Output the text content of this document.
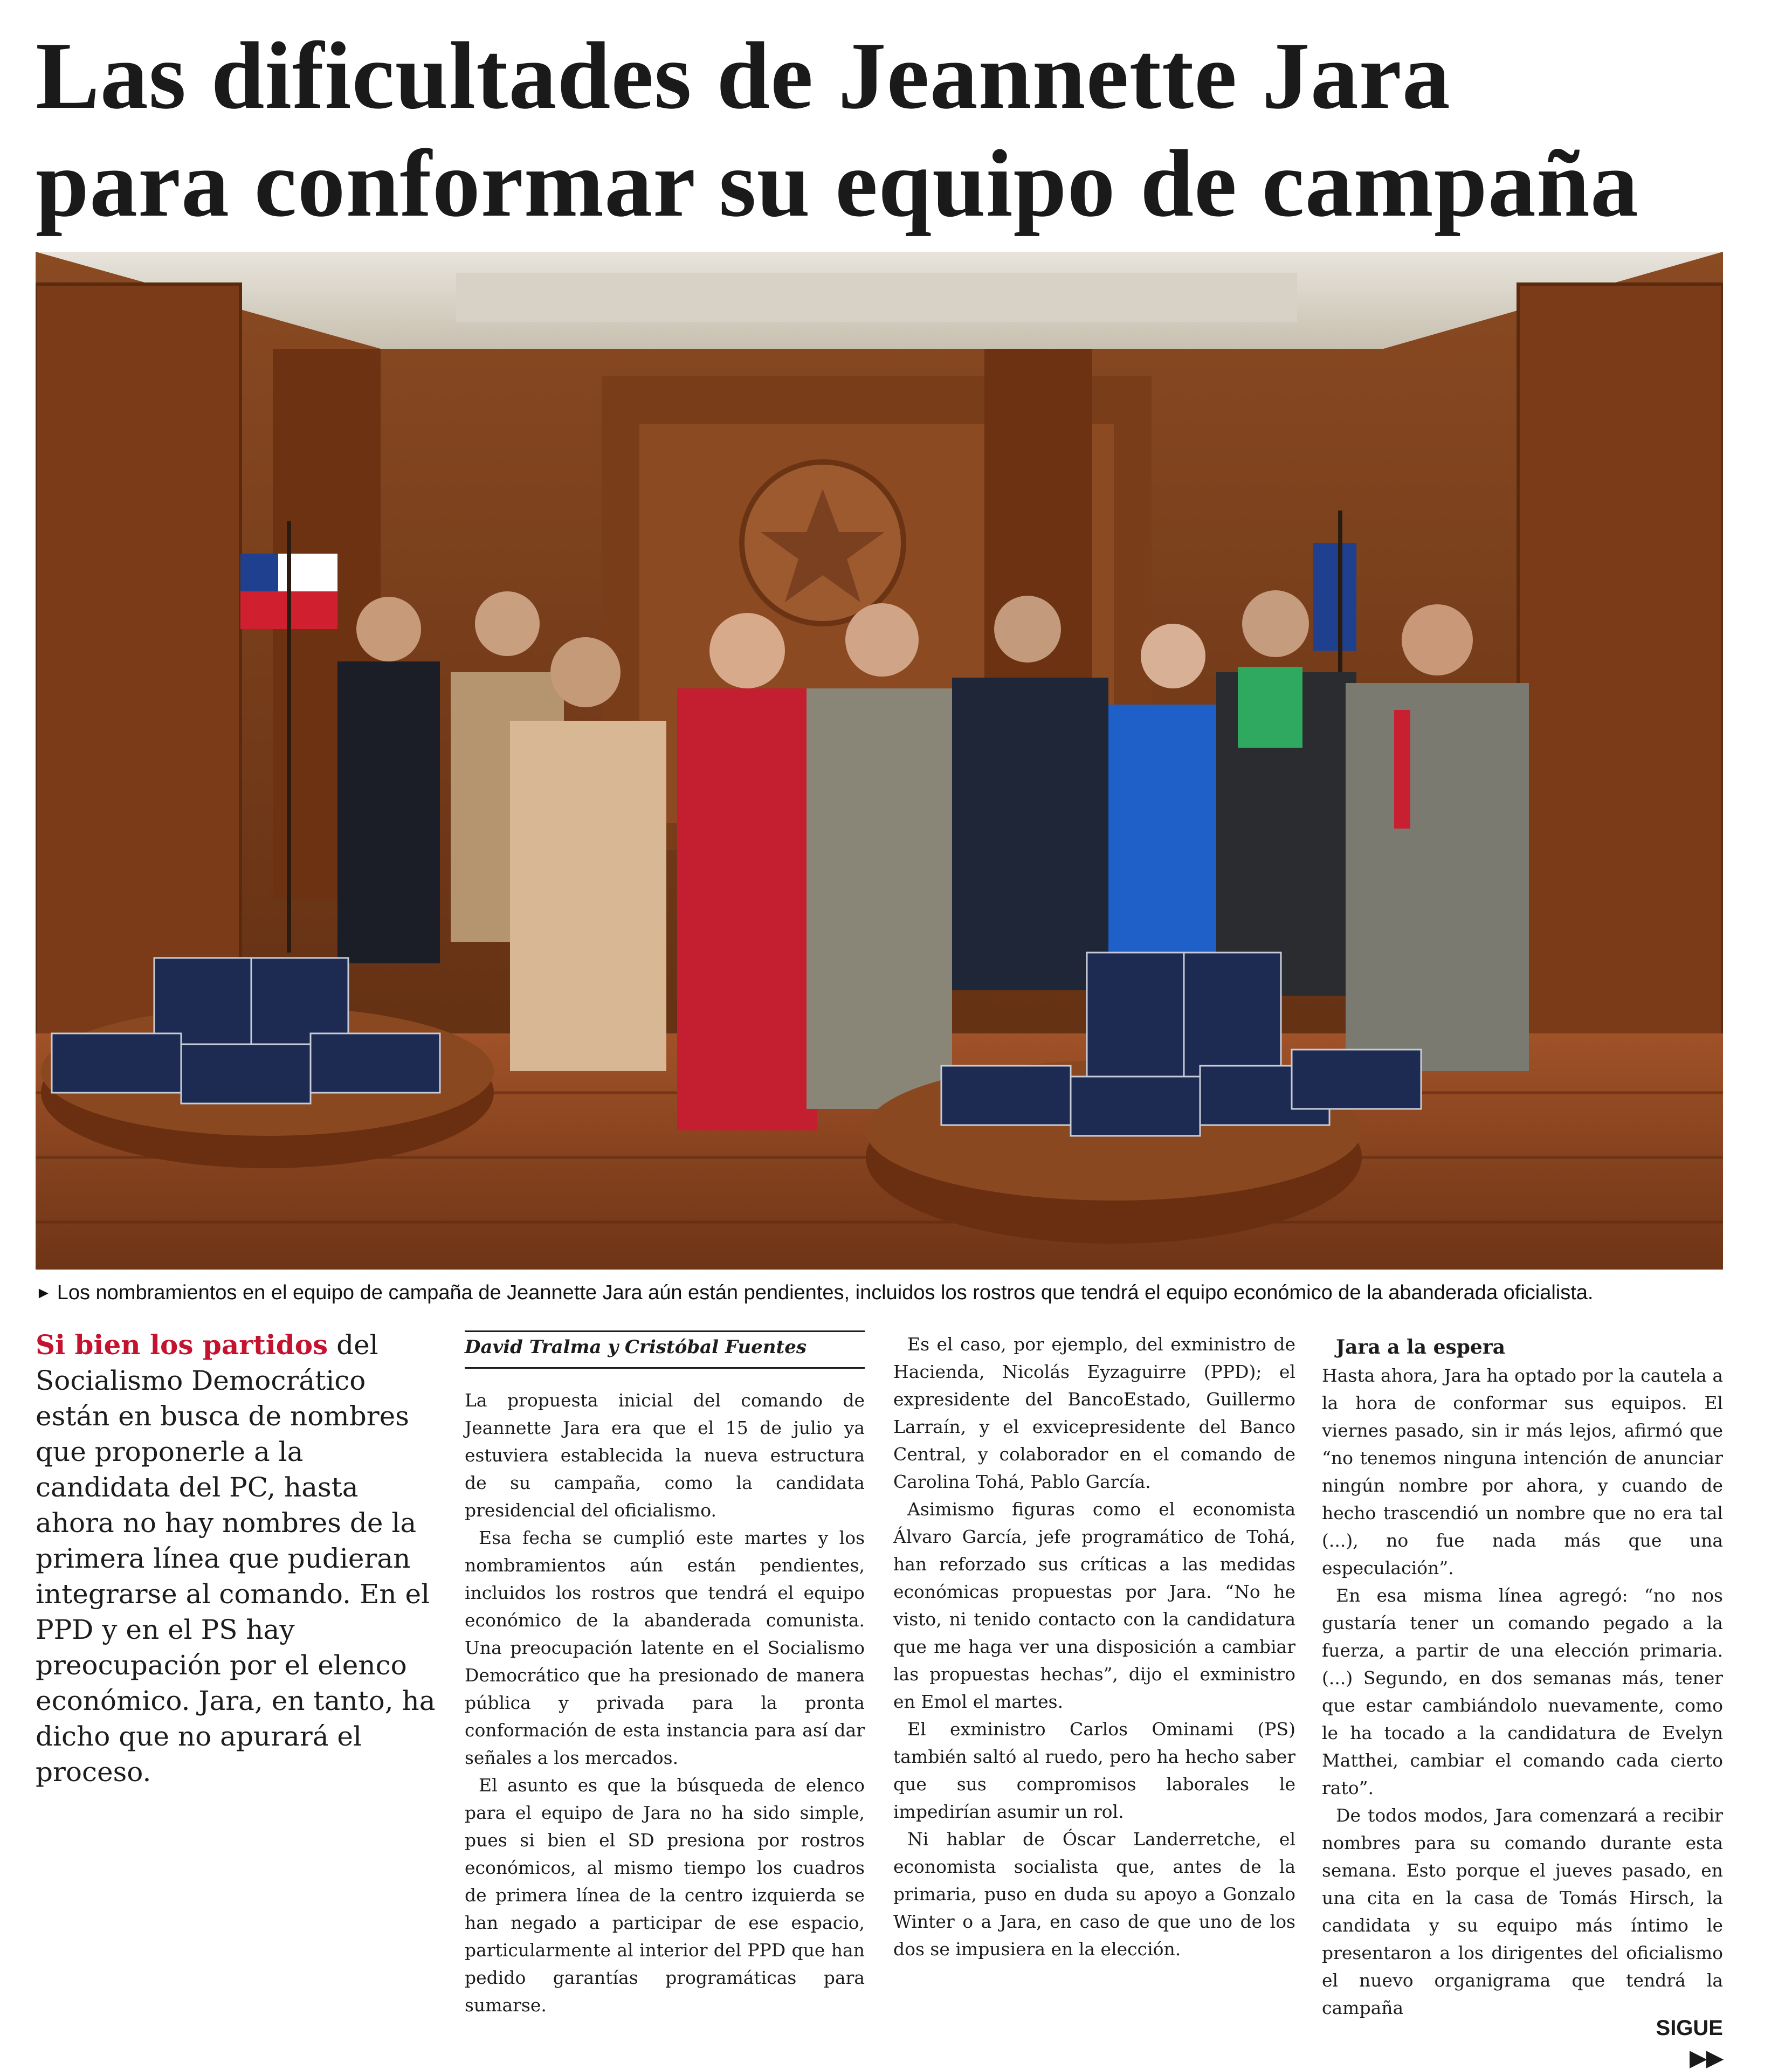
Las dificultades de Jeannette Jara
para conformar su equipo de campaña
► Los nombramientos en el equipo de campaña de Jeannette Jara aún están pendientes, incluidos los rostros que tendrá el equipo económico de la abanderada oficialista.
Si bien los partidos del Socialismo Democrático están en busca de nombres que proponerle a la candidata del PC, hasta ahora no hay nombres de la primera línea que pudieran integrarse al comando. En el PPD y en el PS hay preocupación por el elenco económico. Jara, en tanto, ha dicho que no apurará el proceso.
David Tralma y Cristóbal Fuentes

La propuesta inicial del comando de Jeannette Jara era que el 15 de julio ya estuviera establecida la nueva estructura de su campaña, como la candidata presidencial del oficialismo.

Esa fecha se cumplió este martes y los nombramientos aún están pendientes, incluidos los rostros que tendrá el equipo económico de la abanderada comunista. Una preocupación latente en el Socialismo Democrático que ha presionado de manera pública y privada para la pronta conformación de esta instancia para así dar señales a los mercados.

El asunto es que la búsqueda de elenco para el equipo de Jara no ha sido simple, pues si bien el SD presiona por rostros económicos, al mismo tiempo los cuadros de primera línea de la centro izquierda se han negado a participar de ese espacio, particularmente al interior del PPD que han pedido garantías programáticas para sumarse.

Es el caso, por ejemplo, del exministro de Hacienda, Nicolás Eyzaguirre (PPD); el expresidente del BancoEstado, Guillermo Larraín, y el exvicepresidente del Banco Central, y colaborador en el comando de Carolina Tohá, Pablo García.

Asimismo figuras como el economista Álvaro García, jefe programático de Tohá, han reforzado sus críticas a las medidas económicas propuestas por Jara. “No he visto, ni tenido contacto con la candidatura que me haga ver una disposición a cambiar las propuestas hechas”, dijo el exministro en Emol el martes.

El exministro Carlos Ominami (PS) también saltó al ruedo, pero ha hecho saber que sus compromisos laborales le impedirían asumir un rol.

Ni hablar de Óscar Landerretche, el economista socialista que, antes de la primaria, puso en duda su apoyo a Gonzalo Winter o a Jara, en caso de que uno de los dos se impusiera en la elección.

Jara a la espera

Hasta ahora, Jara ha optado por la cautela a la hora de conformar sus equipos. El viernes pasado, sin ir más lejos, afirmó que “no tenemos ninguna intención de anunciar ningún nombre por ahora, y cuando de hecho trascendió un nombre que no era tal (...), no fue nada más que una especulación”.

En esa misma línea agregó: “no nos gustaría tener un comando pegado a la fuerza, a partir de una elección primaria. (...) Segundo, en dos semanas más, tener que estar cambiándolo nuevamente, como le ha tocado a la candidatura de Evelyn Matthei, cambiar el comando cada cierto rato”.

De todos modos, Jara comenzará a recibir nombres para su comando durante esta semana. Esto porque el jueves pasado, en una cita en la casa de Tomás Hirsch, la candidata y su equipo más íntimo le presentaron a los dirigentes del oficialismo el nuevo organigrama que tendrá la campaña

SIGUE ▶▶
